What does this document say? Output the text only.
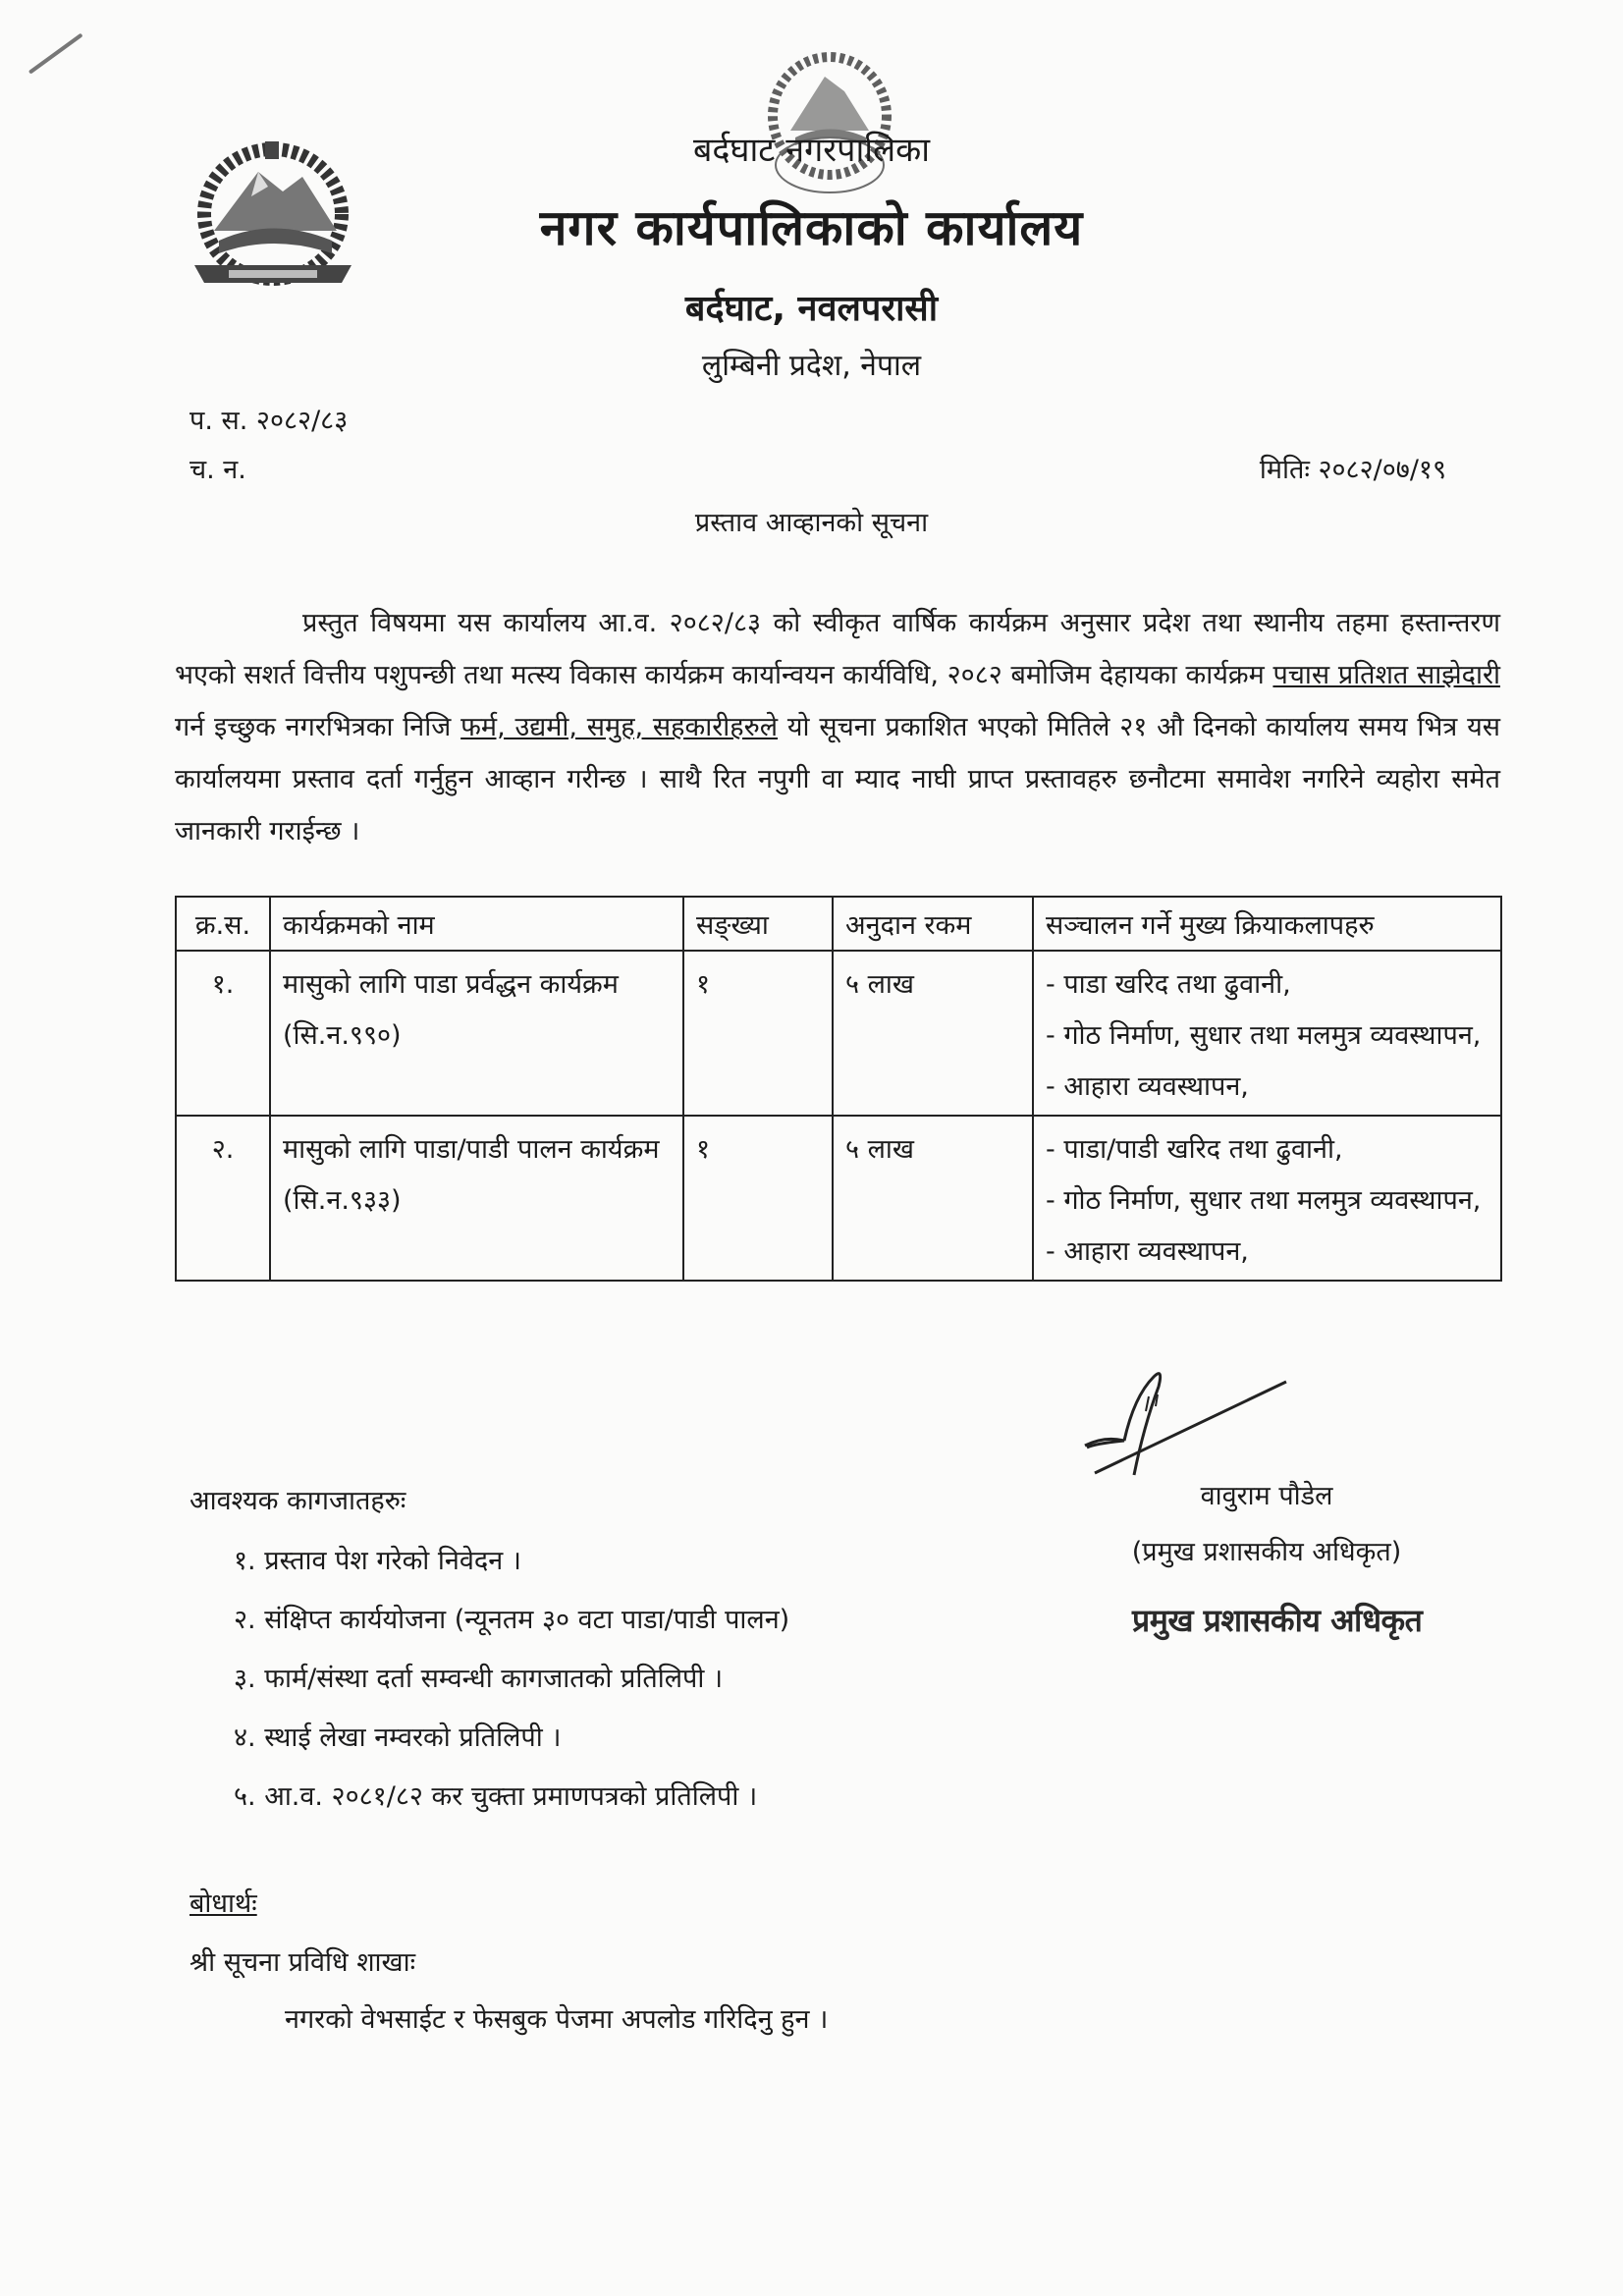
बर्दघाट नगरपालिका
नगर कार्यपालिकाको कार्यालय
बर्दघाट, नवलपरासी
लुम्बिनी प्रदेश, नेपाल
प. स. २०८२/८३
च. न.	मितिः २०८२/०७/१९
प्रस्ताव आव्हानको सूचना
प्रस्तुत विषयमा यस कार्यालय आ.व. २०८२/८३ को स्वीकृत वार्षिक कार्यक्रम अनुसार प्रदेश तथा स्थानीय तहमा हस्तान्तरण भएको सशर्त वित्तीय पशुपन्छी तथा मत्स्य विकास कार्यक्रम कार्यान्वयन कार्यविधि, २०८२ बमोजिम देहायका कार्यक्रम पचास प्रतिशत साझेदारी गर्न इच्छुक नगरभित्रका निजि फर्म, उद्यमी, समुह, सहकारीहरुले यो सूचना प्रकाशित भएको मितिले २१ औ दिनको कार्यालय समय भित्र यस कार्यालयमा प्रस्ताव दर्ता गर्नुहुन आव्हान गरीन्छ । साथै रित नपुगी वा म्याद नाघी प्राप्त प्रस्तावहरु छनौटमा समावेश नगरिने व्यहोरा समेत जानकारी गराईन्छ ।
क्र.स.	कार्यक्रमको नाम	सङ्ख्या	अनुदान रकम	सञ्चालन गर्ने मुख्य क्रियाकलापहरु
१.	मासुको लागि पाडा प्रर्वद्धन कार्यक्रम (सि.न.९९०)	१	५ लाख	- पाडा खरिद तथा ढुवानी,
- गोठ निर्माण, सुधार तथा मलमुत्र व्यवस्थापन,
- आहारा व्यवस्थापन,

२.	मासुको लागि पाडा/पाडी पालन कार्यक्रम (सि.न.९३३)	१	५ लाख	- पाडा/पाडी खरिद तथा ढुवानी,
- गोठ निर्माण, सुधार तथा मलमुत्र व्यवस्थापन,
- आहारा व्यवस्थापन,
वावुराम पौडेल
(प्रमुख प्रशासकीय अधिकृत)
प्रमुख प्रशासकीय अधिकृत
आवश्यक कागजातहरुः
१. प्रस्ताव पेश गरेको निवेदन ।
२. संक्षिप्त कार्ययोजना (न्यूनतम ३० वटा पाडा/पाडी पालन)
३. फार्म/संस्था दर्ता सम्वन्धी कागजातको प्रतिलिपी ।
४. स्थाई लेखा नम्वरको प्रतिलिपी ।
५. आ.व. २०८१/८२ कर चुक्ता प्रमाणपत्रको प्रतिलिपी ।
बोधार्थः
श्री सूचना प्रविधि शाखाः
नगरको वेभसाईट र फेसबुक पेजमा अपलोड गरिदिनु हुन ।
